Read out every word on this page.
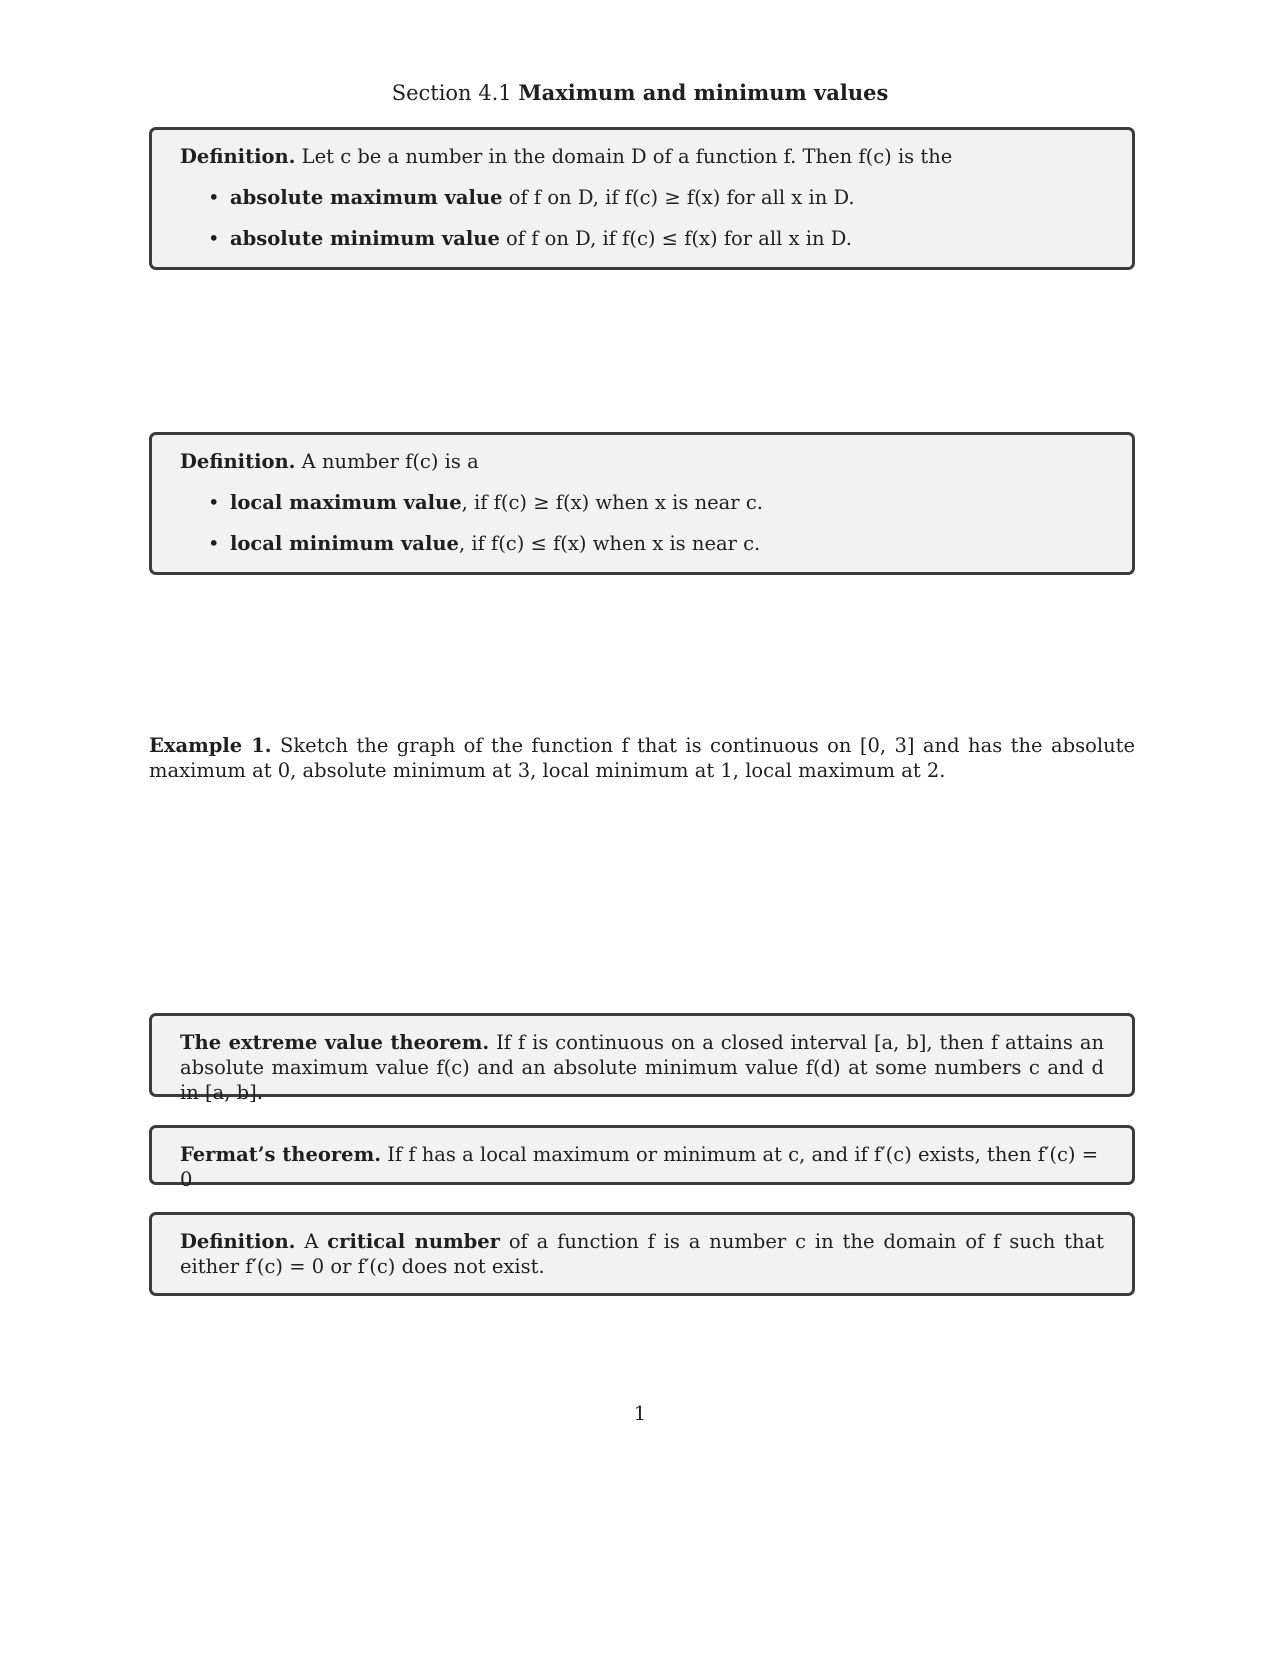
Section 4.1 Maximum and minimum values

Definition. Let c be a number in the domain D of a function f. Then f(c) is the

• absolute maximum value of f on D, if f(c) ≥ f(x) for all x in D.
• absolute minimum value of f on D, if f(c) ≤ f(x) for all x in D.

Definition. A number f(c) is a

• local maximum value, if f(c) ≥ f(x) when x is near c.
• local minimum value, if f(c) ≤ f(x) when x is near c.
Example 1. Sketch the graph of the function f that is continuous on [0, 3] and has the absolute maximum at 0, absolute minimum at 3, local minimum at 1, local maximum at 2.

The extreme value theorem. If f is continuous on a closed interval [a, b], then f attains an absolute maximum value f(c) and an absolute minimum value f(d) at some numbers c and d in [a, b].

Fermat’s theorem. If f has a local maximum or minimum at c, and if f′(c) exists, then f′(c) = 0

Definition. A critical number of a function f is a number c in the domain of f such that either f′(c) = 0 or f′(c) does not exist.

1
